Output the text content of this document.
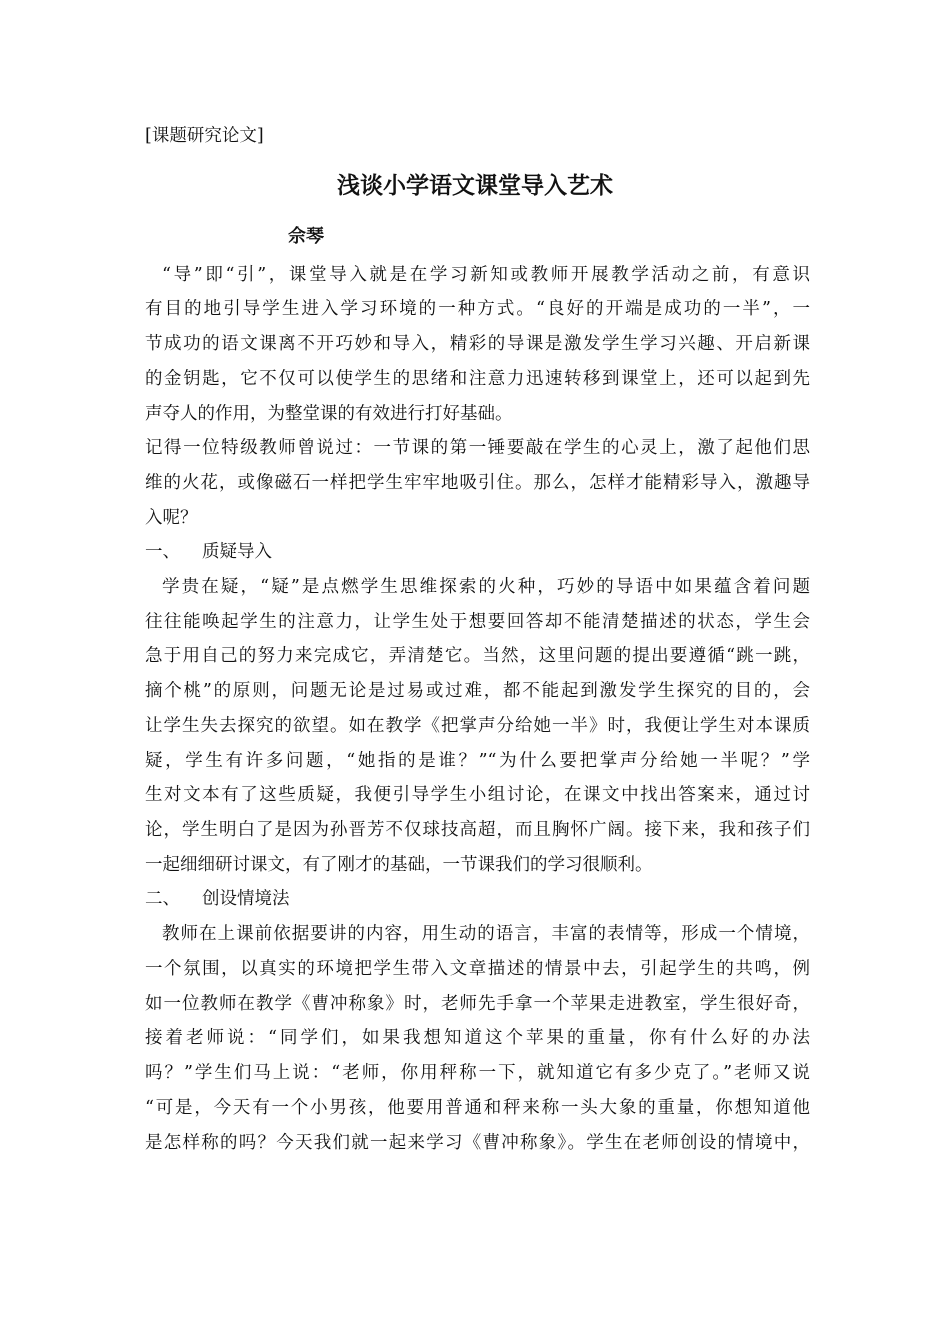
[课题研究论文]
浅谈小学语文课堂导入艺术
佘琴
“导”即“引”，课堂导入就是在学习新知或教师开展教学活动之前，有意识
有目的地引导学生进入学习环境的一种方式。“良好的开端是成功的一半”，一
节成功的语文课离不开巧妙和导入，精彩的导课是激发学生学习兴趣、开启新课
的金钥匙，它不仅可以使学生的思绪和注意力迅速转移到课堂上，还可以起到先
声夺人的作用，为整堂课的有效进行打好基础。
记得一位特级教师曾说过：一节课的第一锤要敲在学生的心灵上，激了起他们思
维的火花，或像磁石一样把学生牢牢地吸引住。那么，怎样才能精彩导入，激趣导
入呢？
一、 质疑导入
学贵在疑，“疑”是点燃学生思维探索的火种，巧妙的导语中如果蕴含着问题
往往能唤起学生的注意力，让学生处于想要回答却不能清楚描述的状态，学生会
急于用自己的努力来完成它，弄清楚它。当然，这里问题的提出要遵循“跳一跳，
摘个桃”的原则，问题无论是过易或过难，都不能起到激发学生探究的目的，会
让学生失去探究的欲望。如在教学《把掌声分给她一半》时，我便让学生对本课质
疑，学生有许多问题，“她指的是谁？”“为什么要把掌声分给她一半呢？”学
生对文本有了这些质疑，我便引导学生小组讨论，在课文中找出答案来，通过讨
论，学生明白了是因为孙晋芳不仅球技高超，而且胸怀广阔。接下来，我和孩子们
一起细细研讨课文，有了刚才的基础，一节课我们的学习很顺利。
二、 创设情境法
教师在上课前依据要讲的内容，用生动的语言，丰富的表情等，形成一个情境，
一个氛围，以真实的环境把学生带入文章描述的情景中去，引起学生的共鸣，例
如一位教师在教学《曹冲称象》时，老师先手拿一个苹果走进教室，学生很好奇，
接着老师说：“同学们，如果我想知道这个苹果的重量，你有什么好的办法
吗？”学生们马上说：“老师，你用秤称一下，就知道它有多少克了。”老师又说
“可是，今天有一个小男孩，他要用普通和秤来称一头大象的重量，你想知道他
是怎样称的吗？今天我们就一起来学习《曹冲称象》。学生在老师创设的情境中，
